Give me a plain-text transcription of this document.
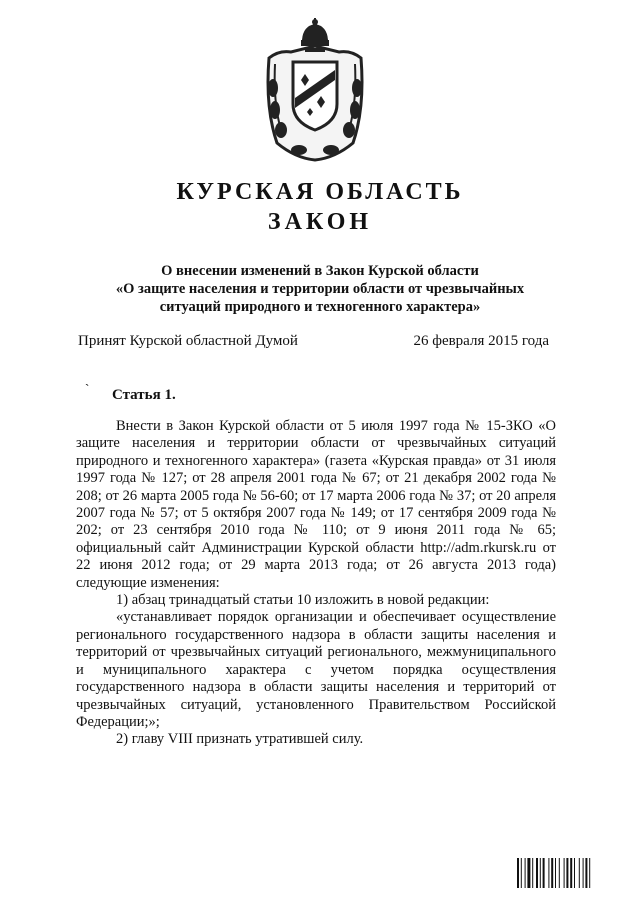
КУРСКАЯ ОБЛАСТЬ
ЗАКОН
О внесении изменений в Закон Курской области
«О защите населения и территории области от чрезвычайных
ситуаций природного и техногенного характера»
Принят Курской областной Думой	26 февраля 2015 года
` Статья 1.

Внести в Закон Курской области от 5 июля 1997 года № 15-ЗКО «О защите населения и территории области от чрезвычайных ситуаций природного и техногенного характера» (газета «Курская правда» от 31 июля 1997 года № 127; от 28 апреля 2001 года № 67; от 21 декабря 2002 года № 208; от 26 марта 2005 года № 56-60; от 17 марта 2006 года № 37; от 20 апреля 2007 года № 57; от 5 октября 2007 года № 149; от 17 сентября 2009 года № 202; от 23 сентября 2010 года № 110; от 9 июня 2011 года № 65; официальный сайт Администрации Курской области http://adm.rkursk.ru от 22 июня 2012 года; от 29 марта 2013 года; от 26 августа 2013 года) следующие изменения:

1) абзац тринадцатый статьи 10 изложить в новой редакции:

«устанавливает порядок организации и обеспечивает осуществление регионального государственного надзора в области защиты населения и территорий от чрезвычайных ситуаций регионального, межмуниципального и муниципального характера с учетом порядка осуществления государственного надзора в области защиты населения и территорий от чрезвычайных ситуаций, установленного Правительством Российской Федерации;»;

2) главу VIII признать утратившей силу.
